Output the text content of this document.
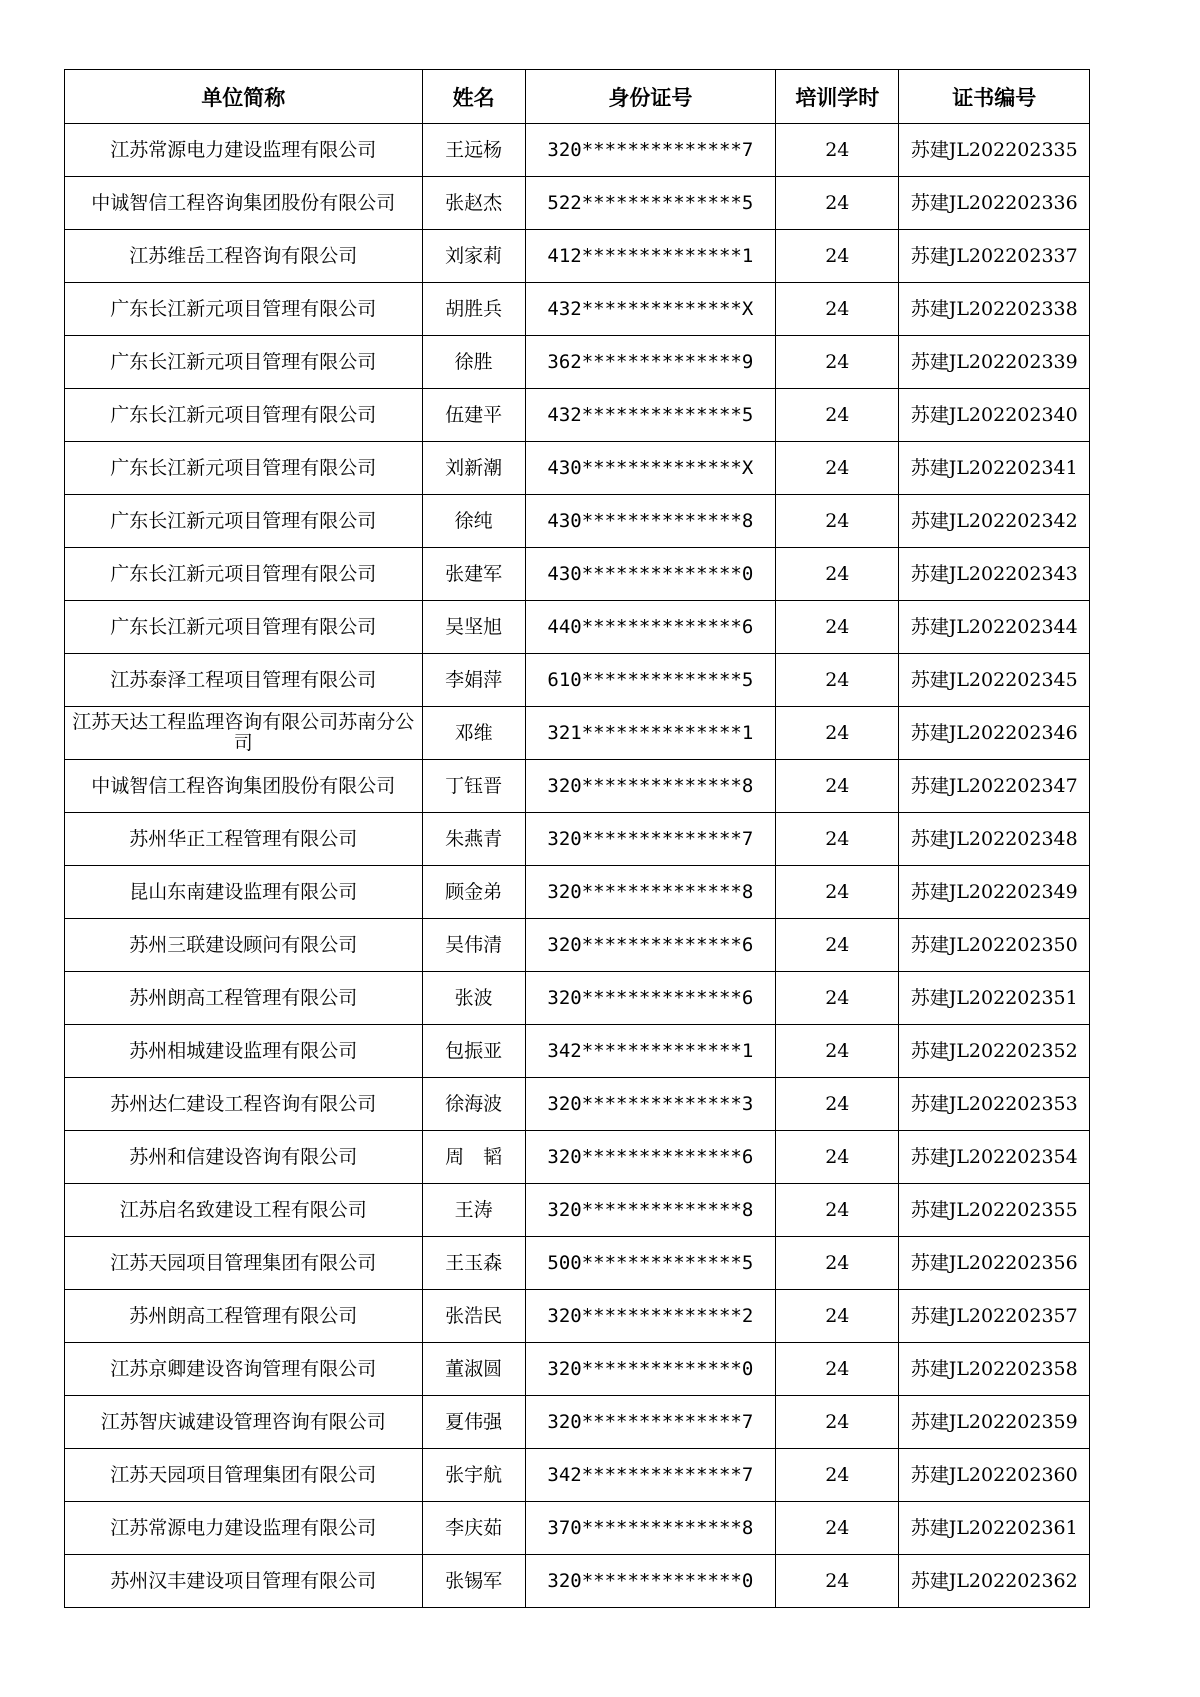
单位简称	姓名	身份证号	培训学时	证书编号
江苏常源电力建设监理有限公司	王远杨	320**************7	24	苏建JL202202335
中诚智信工程咨询集团股份有限公司	张赵杰	522**************5	24	苏建JL202202336
江苏维岳工程咨询有限公司	刘家莉	412**************1	24	苏建JL202202337
广东长江新元项目管理有限公司	胡胜兵	432**************X	24	苏建JL202202338
广东长江新元项目管理有限公司	徐胜	362**************9	24	苏建JL202202339
广东长江新元项目管理有限公司	伍建平	432**************5	24	苏建JL202202340
广东长江新元项目管理有限公司	刘新潮	430**************X	24	苏建JL202202341
广东长江新元项目管理有限公司	徐纯	430**************8	24	苏建JL202202342
广东长江新元项目管理有限公司	张建军	430**************0	24	苏建JL202202343
广东长江新元项目管理有限公司	吴坚旭	440**************6	24	苏建JL202202344
江苏泰泽工程项目管理有限公司	李娟萍	610**************5	24	苏建JL202202345
江苏天达工程监理咨询有限公司苏南分公司	邓维	321**************1	24	苏建JL202202346
中诚智信工程咨询集团股份有限公司	丁钰晋	320**************8	24	苏建JL202202347
苏州华正工程管理有限公司	朱燕青	320**************7	24	苏建JL202202348
昆山东南建设监理有限公司	顾金弟	320**************8	24	苏建JL202202349
苏州三联建设顾问有限公司	吴伟清	320**************6	24	苏建JL202202350
苏州朗高工程管理有限公司	张波	320**************6	24	苏建JL202202351
苏州相城建设监理有限公司	包振亚	342**************1	24	苏建JL202202352
苏州达仁建设工程咨询有限公司	徐海波	320**************3	24	苏建JL202202353
苏州和信建设咨询有限公司	周　韬	320**************6	24	苏建JL202202354
江苏启名致建设工程有限公司	王涛	320**************8	24	苏建JL202202355
江苏天园项目管理集团有限公司	王玉森	500**************5	24	苏建JL202202356
苏州朗高工程管理有限公司	张浩民	320**************2	24	苏建JL202202357
江苏京卿建设咨询管理有限公司	董淑圆	320**************0	24	苏建JL202202358
江苏智庆诚建设管理咨询有限公司	夏伟强	320**************7	24	苏建JL202202359
江苏天园项目管理集团有限公司	张宇航	342**************7	24	苏建JL202202360
江苏常源电力建设监理有限公司	李庆茹	370**************8	24	苏建JL202202361
苏州汉丰建设项目管理有限公司	张锡军	320**************0	24	苏建JL202202362
